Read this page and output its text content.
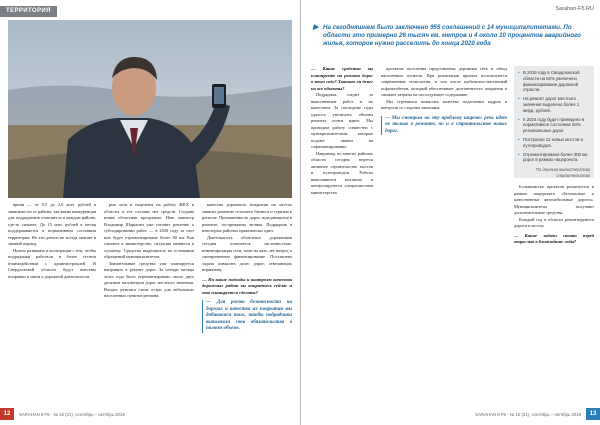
ТЕРРИТОРИЯ

время — от 0,5 до 2,6 млн. рублей в зависимости от района, так какие конкуренция для подрядчиков отличается в каждом районе, где-то сильнее. До 15 млн. рублей в месяц поддерживается в нормативном состоянии территория. Но эти деньги не всегда хватает в зимний период.

Нужно развивать в кооперации с тем, чтобы подрядчики работали в более тесном взаимодействии с администрацией. В Свердловской области будут внесены поправки в закон о дорожной деятельности.

рые хотя и нацелены на работу ЖКХ в области, в тех случаях нет средств. Создана новая областная программа. Наш министр Владимир Шарыгин уже готовит решение о субсидировании работ — в 2020 году за счет них будет отремонтировано более 80 км. Как считают в министерстве, ситуация меняется к лучшему. Средства выделяются на основании обращений муниципалитетов.

Значительные средства уже планируется направить в ремонт дорог. За четыре месяца этого года было отремонтировано около двух десятков километров дорог местного значения. Вопрос ремонта стоит остро для небольших населенных пунктов региона.

качества дорожного покрытия на местах зависит развитие сельского бизнеса и туризма в регионе. Протяженность дорог, нуждающихся в ремонте, по-прежнему велика. Подрядчик в некоторых районах практически один.

Деятельность областных дорожников сегодня отличается системностью: инвентаризация сети, план на пять лет вперед и своевременное финансирование. Поставлена задача повысить долю дорог, отвечающих нормативу.

— На какие подходы к контролю качества дорожных работ вы опираетесь сейчас и что планируется сделать?
— Для роста безопасности на дорогах и качества их покрытия мы добиваемся того, чтобы подрядчики выполняли свои обязательства в полном объеме.
12	SARAHAN 8 F5 · № 10 (21), сентябрь – октябрь 2019
Sarahan-F5.RU
▶ На сегодняшнем было заключено 955 соглашений с 14 муниципалитетами. По области это примерно 26 тысяч км. метров и 4 около 10 процентов аварийного жилья, которое нужно расселить до конца 2020 года
— Какие средства вы планируете на ремонт дорог в этом году? Хватит ли денег на все объекты?

Подрядчик следит за выполнением работ и их качеством. За последние годы удалось увеличить объемы ремонта почти вдвое. Мы проводим работу совместно с муниципалитетами, которые подают заявки на софинансирование.

Например, во многих районах области сегодня ведется активное строительство мостов и путепроводов. Работы выполняются поэтапно и контролируются специалистами министерства.

проектом поселения представлены дорожная сеть и обход населенных пунктов. При реализации проекта используются современные технологии, в том числе щебеночно-мастичный асфальтобетон, который обеспечивает долговечность покрытия и снижает затраты на последующее содержание.

Мы стремимся повысить качество подготовки кадров и контроля со стороны заказчика.

— Мы смотрим на эту проблему широко: речь идет не только о ремонте, но и о строительстве новых дорог.
• В 2019 году в Свердловской области на 62% увеличено финансирование дорожной отрасли.
• На ремонт дорог местного значения выделено более 1 млрд. рублей.
• К 2024 году будет приведено в нормативное состояние 50% региональных дорог.
• Построено 12 новых мостов и путепроводов.
• Отремонтировано более 300 км. дорог в рамках нацпроекта.
По данным министерства строительства

Большинство проектов реализуется в рамках нацпроекта «Безопасные и качественные автомобильные дороги». Муниципалитеты получают дополнительные средства.

Каждый год в области ремонтируются дороги и мосты.

— Какие задачи стоят перед отраслью в ближайшие годы?
SARAHAN 8 F5 · № 10 (21), сентябрь – октябрь 2019	13
